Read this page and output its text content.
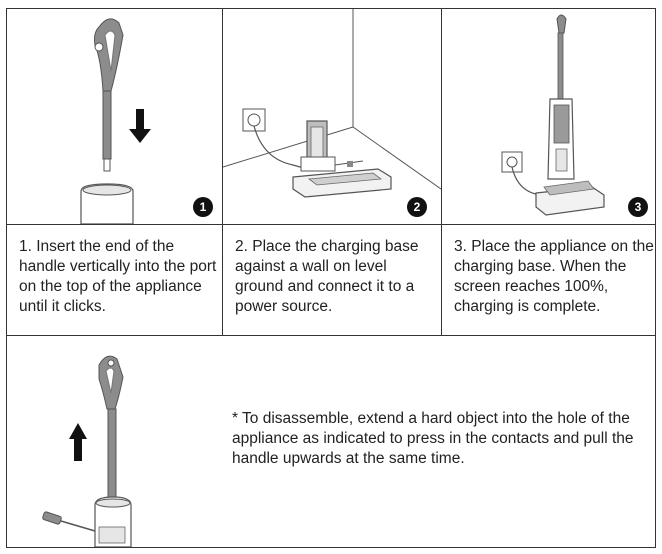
1	2	3
1. Insert the end of the handle vertically into the port on the top of the appliance until it clicks.
2. Place the charging base against a wall on level ground and connect it to a power source.
3. Place the appliance on the charging base. When the screen reaches 100%, charging is complete.
* To disassemble, extend a hard object into the hole of the appliance as indicated to press in the contacts and pull the handle upwards at the same time.
